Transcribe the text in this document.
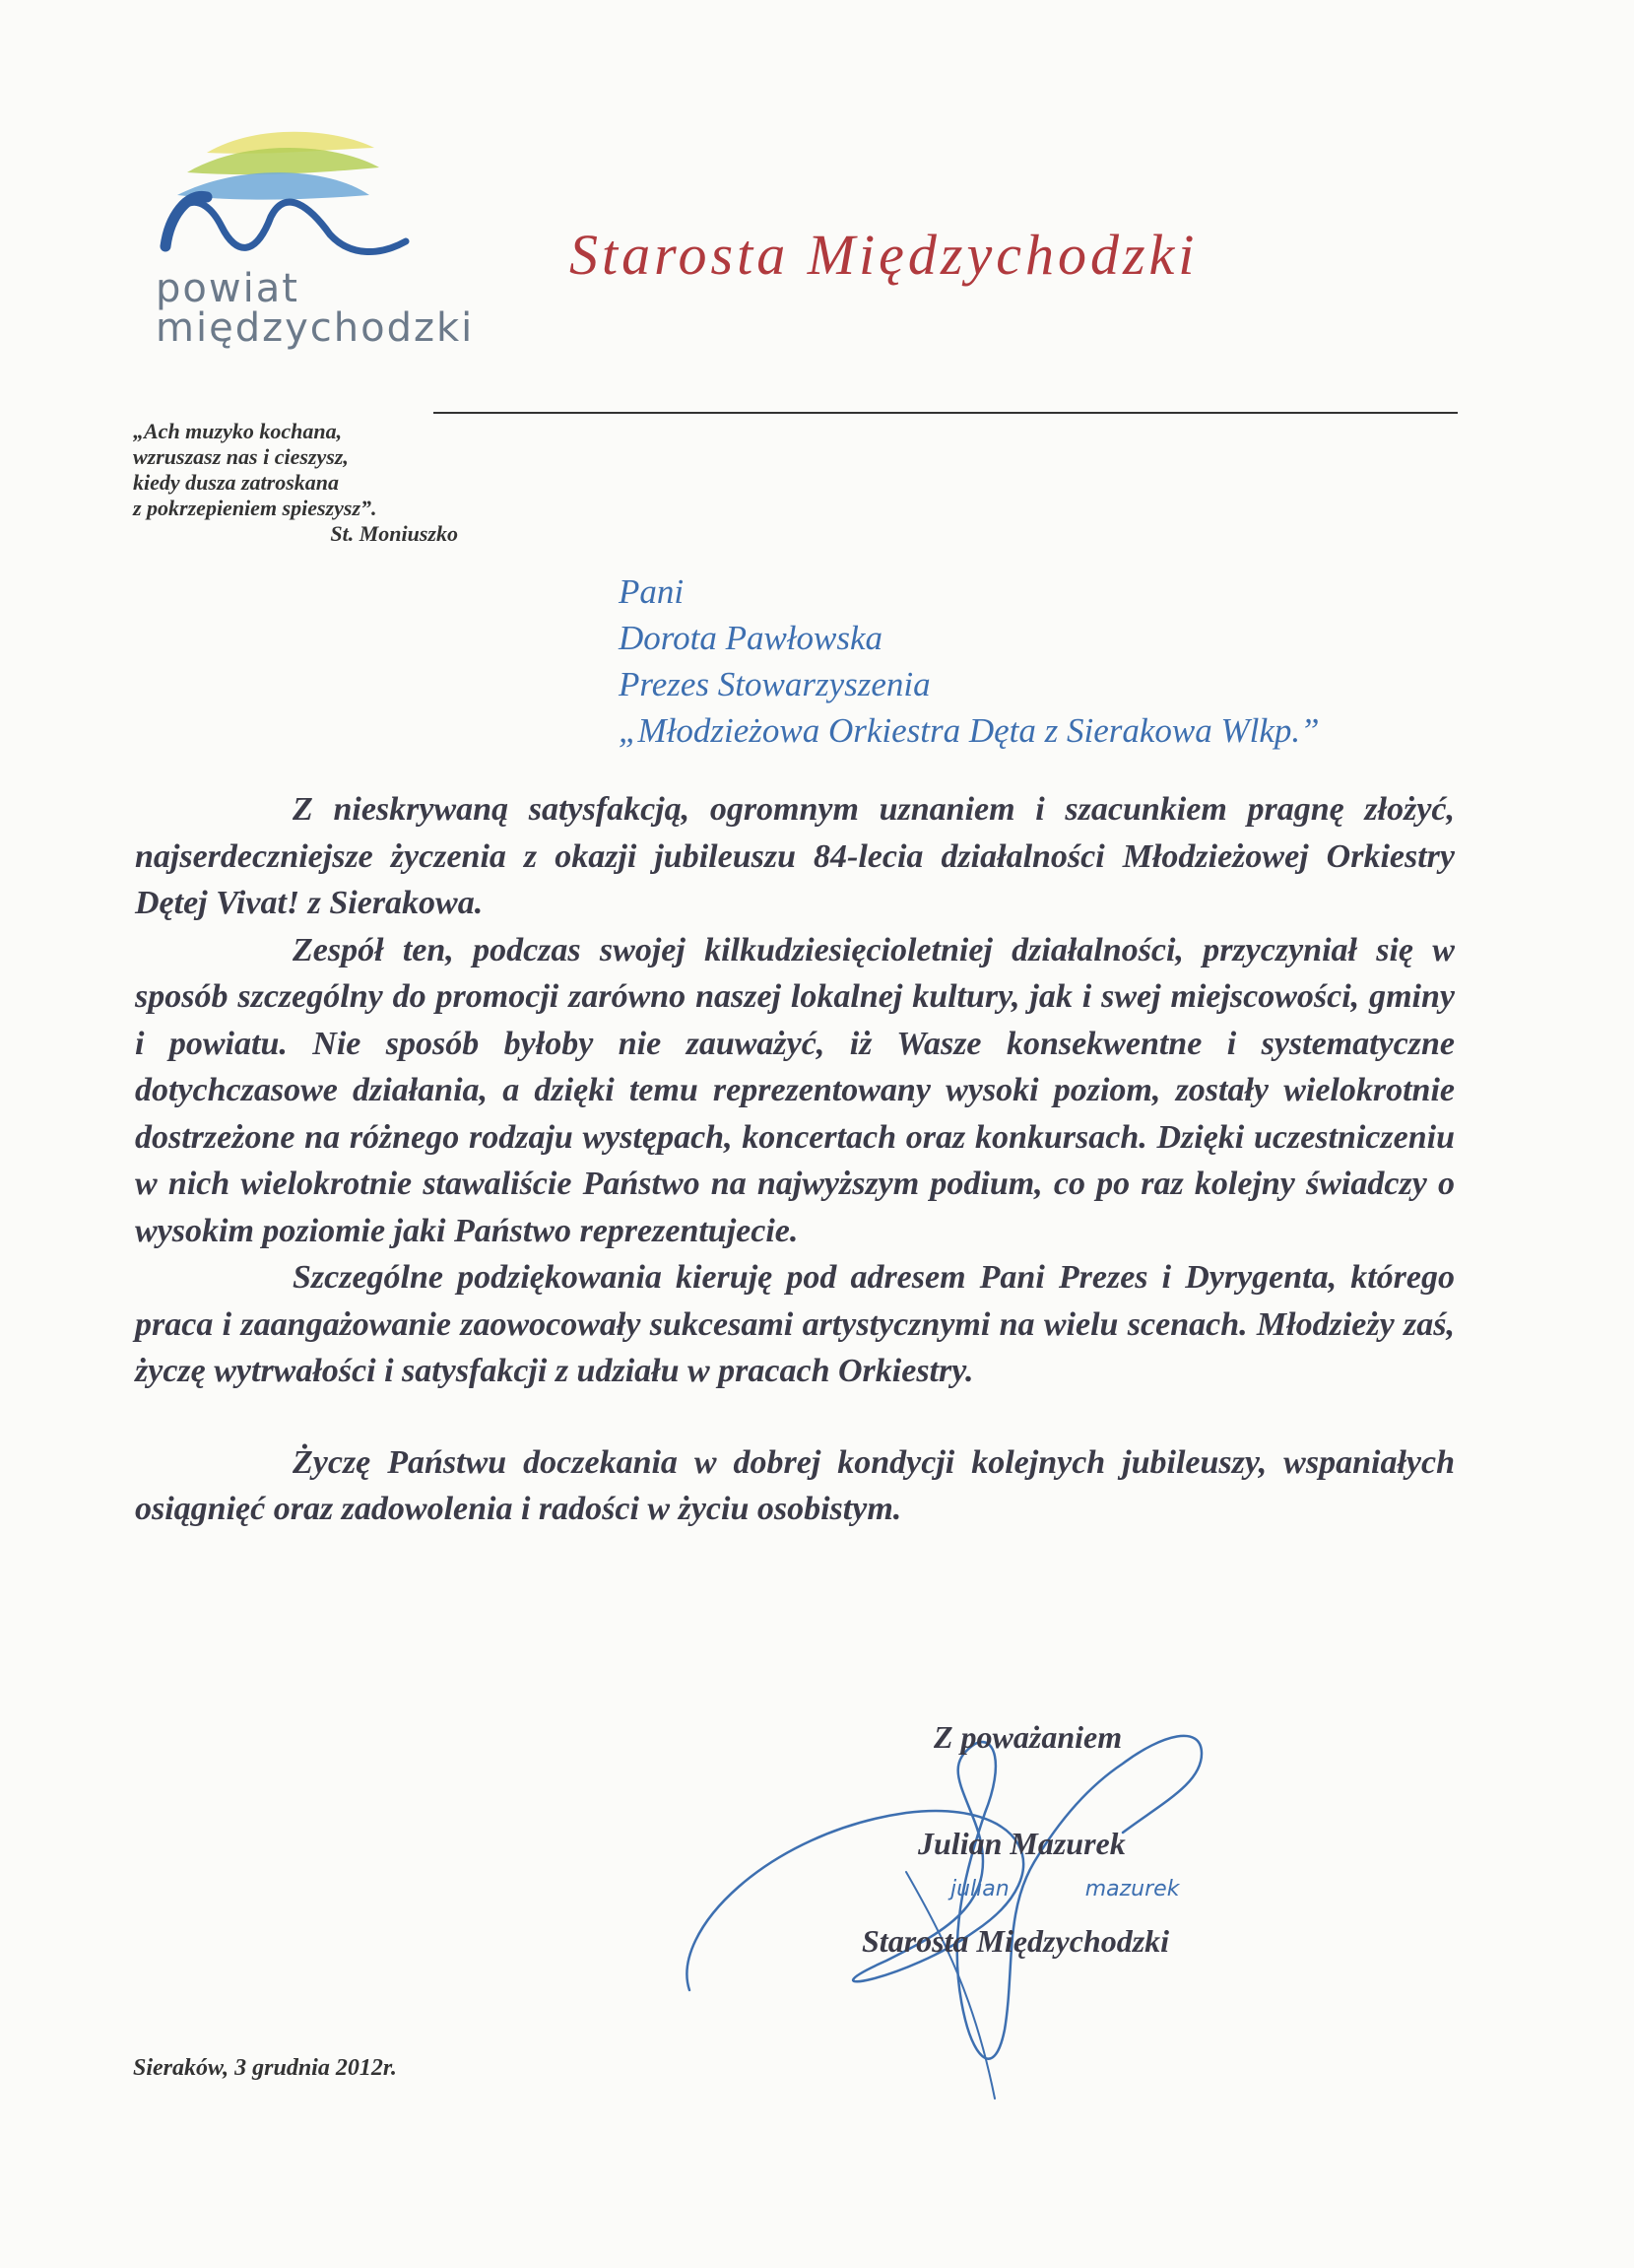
powiat
międzychodzki
Starosta Międzychodzki
„Ach muzyko kochana,
wzruszasz nas i cieszysz,
kiedy dusza zatroskana
z pokrzepieniem spieszysz”.
St. Moniuszko
Pani
Dorota Pawłowska
Prezes Stowarzyszenia
„Młodzieżowa Orkiestra Dęta z Sierakowa Wlkp.”

Z nieskrywaną satysfakcją, ogromnym uznaniem i szacunkiem pragnę złożyć, najserdeczniejsze życzenia z okazji jubileuszu 84-lecia działalności Młodzieżowej Orkiestry Dętej Vivat! z Sierakowa.

Zespół ten, podczas swojej kilkudziesięcioletniej działalności, przyczyniał się w sposób szczególny do promocji zarówno naszej lokalnej kultury, jak i swej miejscowości, gminy i powiatu. Nie sposób byłoby nie zauważyć, iż Wasze konsekwentne i systematyczne dotychczasowe działania, a dzięki temu reprezentowany wysoki poziom, zostały wielokrotnie dostrzeżone na różnego rodzaju występach, koncertach oraz konkursach. Dzięki uczestniczeniu w nich wielokrotnie stawaliście Państwo na najwyższym podium, co po raz kolejny świadczy o wysokim poziomie jaki Państwo reprezentujecie.

Szczególne podziękowania kieruję pod adresem Pani Prezes i Dyrygenta, którego praca i zaangażowanie zaowocowały sukcesami artystycznymi na wielu scenach. Młodzieży zaś, życzę wytrwałości i satysfakcji z udziału w pracach Orkiestry.

Życzę Państwu doczekania w dobrej kondycji kolejnych jubileuszy, wspaniałych osiągnięć oraz zadowolenia i radości w życiu osobistym.

Z poważaniem
Julian Mazurek
julian	mazurek
Starosta Międzychodzki
Sieraków, 3 grudnia 2012r.
